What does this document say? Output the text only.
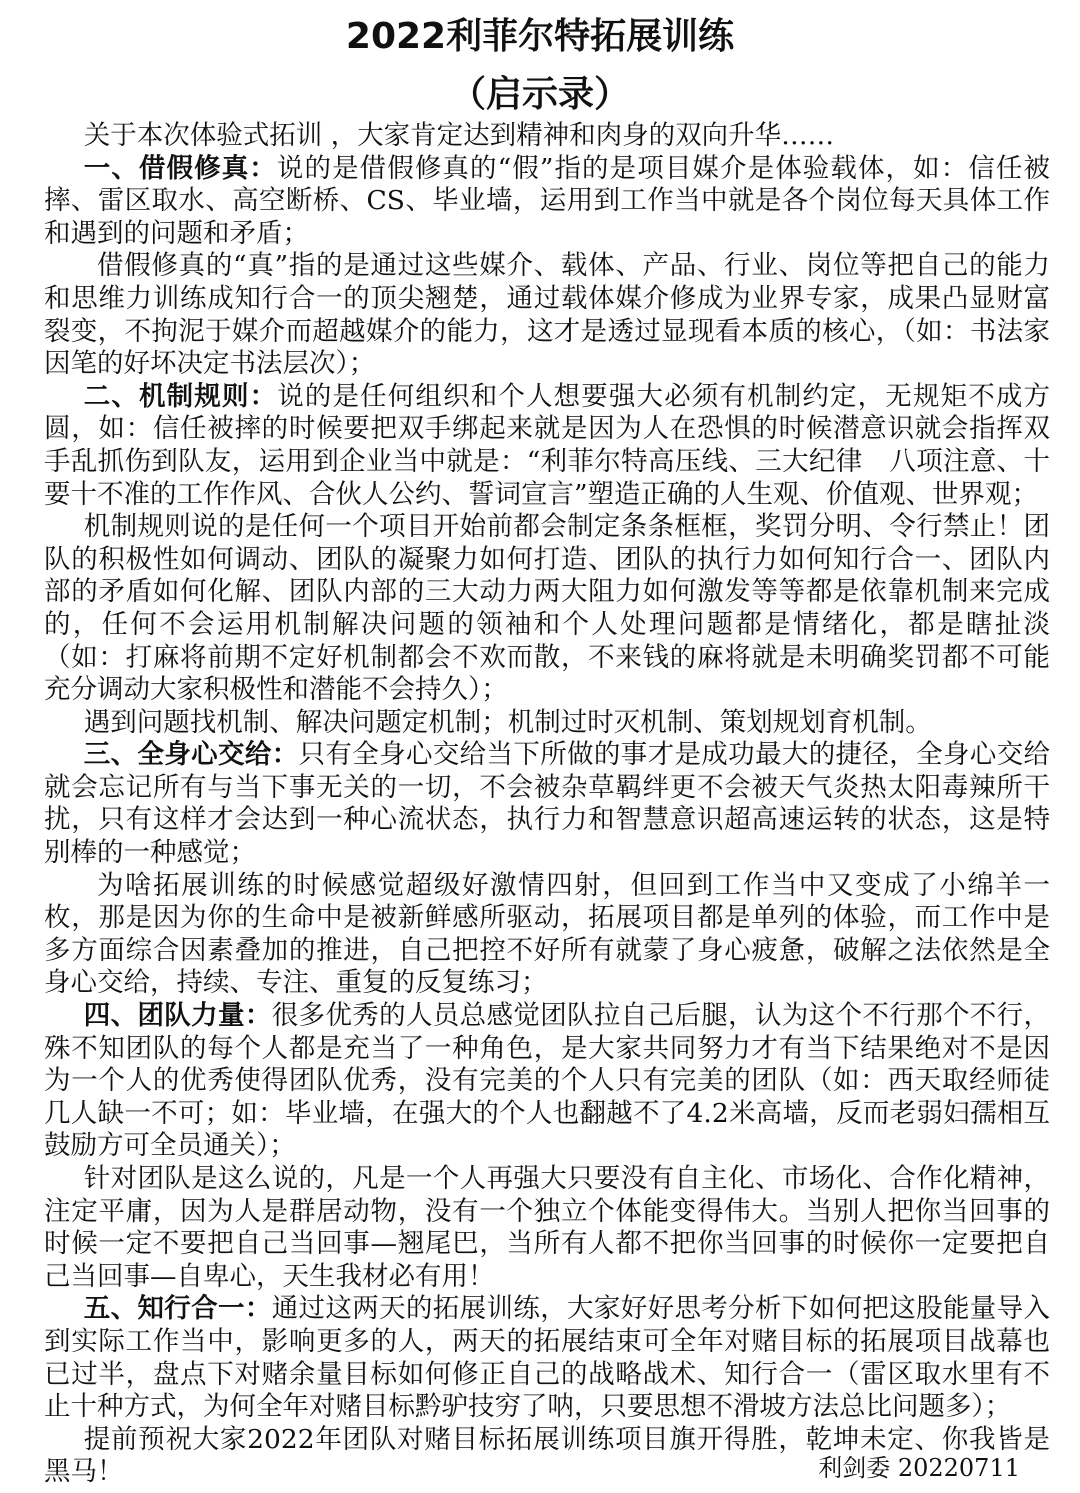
2022利菲尔特拓展训练
（启示录）

关于本次体验式拓训 ，大家肯定达到精神和肉身的双向升华……

一、借假修真：说的是借假修真的“假”指的是项目媒介是体验载体，如：信任被摔、雷区取水、高空断桥、CS、毕业墙，运用到工作当中就是各个岗位每天具体工作和遇到的问题和矛盾；

借假修真的“真”指的是通过这些媒介、载体、产品、行业、岗位等把自己的能力和思维力训练成知行合一的顶尖翘楚，通过载体媒介修成为业界专家，成果凸显财富裂变，不拘泥于媒介而超越媒介的能力，这才是透过显现看本质的核心，（如：书法家因笔的好坏决定书法层次）；

二、机制规则：说的是任何组织和个人想要强大必须有机制约定，无规矩不成方圆，如：信任被摔的时候要把双手绑起来就是因为人在恐惧的时候潜意识就会指挥双手乱抓伤到队友，运用到企业当中就是：“利菲尔特高压线、三大纪律　八项注意、十要十不准的工作作风、合伙人公约、誓词宣言”塑造正确的人生观、价值观、世界观；

机制规则说的是任何一个项目开始前都会制定条条框框，奖罚分明、令行禁止！团队的积极性如何调动、团队的凝聚力如何打造、团队的执行力如何知行合一、团队内部的矛盾如何化解、团队内部的三大动力两大阻力如何激发等等都是依靠机制来完成的，任何不会运用机制解决问题的领袖和个人处理问题都是情绪化，都是瞎扯淡（如：打麻将前期不定好机制都会不欢而散，不来钱的麻将就是未明确奖罚都不可能充分调动大家积极性和潜能不会持久）；

遇到问题找机制、解决问题定机制；机制过时灭机制、策划规划育机制。

三、全身心交给：只有全身心交给当下所做的事才是成功最大的捷径，全身心交给就会忘记所有与当下事无关的一切，不会被杂草羁绊更不会被天气炎热太阳毒辣所干扰，只有这样才会达到一种心流状态，执行力和智慧意识超高速运转的状态，这是特别棒的一种感觉；

为啥拓展训练的时候感觉超级好激情四射，但回到工作当中又变成了小绵羊一枚，那是因为你的生命中是被新鲜感所驱动，拓展项目都是单列的体验，而工作中是多方面综合因素叠加的推进，自己把控不好所有就蒙了身心疲惫，破解之法依然是全身心交给，持续、专注、重复的反复练习；

四、团队力量：很多优秀的人员总感觉团队拉自己后腿，认为这个不行那个不行，殊不知团队的每个人都是充当了一种角色，是大家共同努力才有当下结果绝对不是因为一个人的优秀使得团队优秀，没有完美的个人只有完美的团队（如：西天取经师徒几人缺一不可；如：毕业墙，在强大的个人也翻越不了4.2米高墙，反而老弱妇孺相互鼓励方可全员通关）；

针对团队是这么说的，凡是一个人再强大只要没有自主化、市场化、合作化精神，注定平庸，因为人是群居动物，没有一个独立个体能变得伟大。当别人把你当回事的时候一定不要把自己当回事—翘尾巴，当所有人都不把你当回事的时候你一定要把自己当回事—自卑心，天生我材必有用！

五、知行合一：通过这两天的拓展训练，大家好好思考分析下如何把这股能量导入到实际工作当中，影响更多的人，两天的拓展结束可全年对赌目标的拓展项目战幕也已过半，盘点下对赌余量目标如何修正自己的战略战术、知行合一（雷区取水里有不止十种方式，为何全年对赌目标黔驴技穷了呐，只要思想不滑坡方法总比问题多）；

提前预祝大家2022年团队对赌目标拓展训练项目旗开得胜，乾坤未定、你我皆是黑马！	利剑委 20220711
